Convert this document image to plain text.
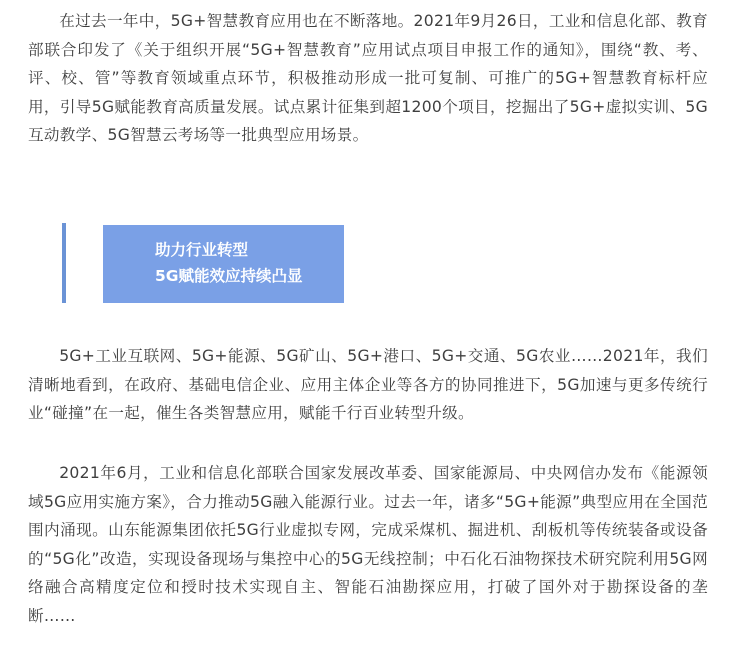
在过去一年中，5G+智慧教育应用也在不断落地。2021年9月26日，工业和信息化部、教育部联合印发了《关于组织开展“5G+智慧教育”应用试点项目申报工作的通知》，围绕“教、考、评、校、管”等教育领域重点环节，积极推动形成一批可复制、可推广的5G+智慧教育标杆应用，引导5G赋能教育高质量发展。试点累计征集到超1200个项目，挖掘出了5G+虚拟实训、5G互动教学、5G智慧云考场等一批典型应用场景。

助力行业转型
5G赋能效应持续凸显

5G+工业互联网、5G+能源、5G矿山、5G+港口、5G+交通、5G农业……2021年，我们清晰地看到，在政府、基础电信企业、应用主体企业等各方的协同推进下，5G加速与更多传统行业“碰撞”在一起，催生各类智慧应用，赋能千行百业转型升级。

2021年6月，工业和信息化部联合国家发展改革委、国家能源局、中央网信办发布《能源领域5G应用实施方案》，合力推动5G融入能源行业。过去一年，诸多“5G+能源”典型应用在全国范围内涌现。山东能源集团依托5G行业虚拟专网，完成采煤机、掘进机、刮板机等传统装备或设备的“5G化”改造，实现设备现场与集控中心的5G无线控制；中石化石油物探技术研究院利用5G网络融合高精度定位和授时技术实现自主、智能石油勘探应用，打破了国外对于勘探设备的垄断……
